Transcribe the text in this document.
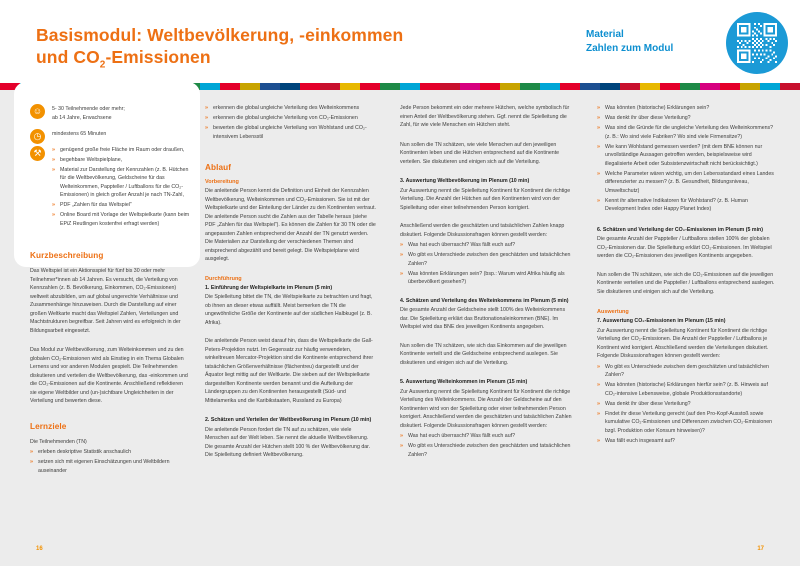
Basismodul: Weltbevölkerung, -einkommen
und $CO_2$-Emissionen
Material
Zahlen zum Modul
☺	5- 30 Teilnehmende oder mehr;
ab 14 Jahre, Erwachsene

◷	mindestens 65 Minuten

⚒	» genügend große freie Fläche im Raum oder draußen,
» begehbare Weltspielplane,
» Material zur Darstellung der Kennzahlen (z. B. Hütchen für die Weltbevölkerung, Geldscheine für das Welteinkommen, Pappteller / Luftballons für die CO₂-Emissionen) in gleich großer Anzahl je nach TN-Zahl,
» PDF „Zahlen für das Weltspiel“
» Online Board mit Vorlage der Weltspielkarte (kann beim EPiZ Reutlingen kostenfrei erfragt werden)
Kurzbeschreibung

Das Weltspiel ist ein Aktionsspiel für fünf bis 30 oder mehr Teilnehmer*innen ab 14 Jahren. Es versucht, die Verteilung von Kennzahlen (z. B. Bevölkerung, Einkommen, CO₂-Emissionen) weltweit abzubilden, um auf global ungerechte Verhältnisse und Zusammenhänge hinzuweisen. Durch die Darstellung auf einer großen Weltkarte macht das Weltspiel Zahlen, Verteilungen und Machtstrukturen begreifbar. Seit Jahren wird es erfolgreich in der Bildungsarbeit eingesetzt.

Das Modul zur Weltbevölkerung, zum Welteinkommen und zu den globalen CO₂-Emissionen wird als Einstieg in ein Thema Globalen Lernens und vor anderen Modulen gespielt. Die Teilnehmenden diskutieren und verteilen die Weltbevölkerung, das -einkommen und die CO₂-Emissionen auf die Kontinente. Anschließend reflektieren sie eigene Weltbilder und (un-)sichtbare Ungleichheiten in der Verteilung und bewerten diese.

Lernziele

Die Teilnehmenden (TN)

» erleben deskriptive Statistik anschaulich
» setzen sich mit eigenen Einschätzungen und Weltbildern auseinander
» erkennen die global ungleiche Verteilung des Welteinkommens
» erkennen die global ungleiche Verteilung von CO₂-Emissionen
» bewerten die global ungleiche Verteilung von Wohlstand und CO₂-intensivem Lebensstil
Ablauf
Vorbereitung

Die anleitende Person kennt die Definition und Einheit der Kennzahlen Weltbevölkerung, Welteinkommen und CO₂-Emissionen. Sie ist mit der Weltspielkarte und der Einteilung der Länder zu den Kontinenten vertraut. Die anleitende Person sucht die Zahlen aus der Tabelle heraus (siehe PDF „Zahlen für das Weltspiel“). Es können die Zahlen für 30 TN oder die angepassten Zahlen entsprechend der Anzahl der TN genutzt werden. Die Materialien zur Darstellung der verschiedenen Themen sind entsprechend abgezählt und bereit gelegt. Die Weltspielplane wird ausgelegt.

Durchführung

1. Einführung der Weltspielkarte im Plenum (5 min)

Die Spielleitung bittet die TN, die Weltspielkarte zu betrachten und fragt, ob ihnen an dieser etwas auffällt. Meist bemerken die TN die ungewöhnliche Größe der Kontinente auf der südlichen Halbkugel (z. B. Afrika).

Die anleitende Person weist darauf hin, dass die Weltspielkarte die Gall-Peters-Projektion nutzt. Im Gegensatz zur häufig verwendeten, winkeltreuen Mercator-Projektion sind die Kontinente entsprechend ihrer tatsächlichen Größenverhältnisse (flächentreu) dargestellt und der Äquator liegt mittig auf der Weltkarte. Die sieben auf der Weltspielkarte dargestellten Kontinente werden benannt und die Aufteilung der Ländergruppen zu den Kontinenten herausgestellt (Süd- und Mittelamerika und die Karibikstaaten, Russland zu Europa)

2. Schätzen und Verteilen der Weltbevölkerung im Plenum (10 min)

Die anleitende Person fordert die TN auf zu schätzen, wie viele Menschen auf der Welt leben. Sie nennt die aktuelle Weltbevölkerung. Die gesamte Anzahl der Hütchen stellt 100 % der Weltbevölkerung dar. Die Spielleitung definiert Weltbevölkerung.

Jede Person bekommt ein oder mehrere Hütchen, welche symbolisch für einen Anteil der Weltbevölkerung stehen. Ggf. nennt die Spielleitung die Zahl, für wie viele Menschen ein Hütchen steht.

Nun sollen die TN schätzen, wie viele Menschen auf den jeweiligen Kontinenten leben und die Hütchen entsprechend auf die Kontinente verteilen. Sie diskutieren und einigen sich auf die Verteilung.

3. Auswertung Weltbevölkerung im Plenum (10 min)

Zur Auswertung nennt die Spielleitung Kontinent für Kontinent die richtige Verteilung. Die Anzahl der Hütchen auf den Kontinenten wird von der Spielleitung oder einer teilnehmenden Person korrigiert.

Anschließend werden die geschätzten und tatsächlichen Zahlen knapp diskutiert. Folgende Diskussionsfragen können gestellt werden:

» Was hat euch überrascht? Was fällt euch auf?
» Wo gibt es Unterschiede zwischen den geschätzten und tatsächlichen Zahlen?
» Was könnten Erklärungen sein? (bsp.: Warum wird Afrika häufig als überbevölkert gesehen?)

4. Schätzen und Verteilung des Welteinkommens im Plenum (5 min)

Die gesamte Anzahl der Geldscheine stellt 100% des Welteinkommens dar. Die Spielleitung erklärt das Bruttonationaleinkommen (BNE). Im Weltspiel wird das BNE des jeweiligen Kontinents angegeben.

Nun sollen die TN schätzen, wie sich das Einkommen auf die jeweiligen Kontinente verteilt und die Geldscheine entsprechend auslegen. Sie diskutieren und einigen sich auf die Verteilung.

5. Auswertung Welteinkommen im Plenum (15 min)

Zur Auswertung nennt die Spielleitung Kontinent für Kontinent die richtige Verteilung des Welteinkommens. Die Anzahl der Geldscheine auf den Kontinenten wird von der Spielleitung oder einer teilnehmenden Person korrigiert. Anschließend werden die geschätzten und tatsächlichen Zahlen diskutiert. Folgende Diskussionsfragen können gestellt werden:

» Was hat euch überrascht? Was fällt euch auf?
» Wo gibt es Unterschiede zwischen den geschätzten und tatsächlichen Zahlen?
» Was könnten (historische) Erklärungen sein?
» Was denkt ihr über diese Verteilung?
» Was sind die Gründe für die ungleiche Verteilung des Welteinkommens? (z. B.: Wo sind viele Fabriken? Wo sind viele Firmensitze?)
» Wie kann Wohlstand gemessen werden? (mit dem BNE können nur unvollständige Aussagen getroffen werden, beispielsweise wird illegalisierte Arbeit oder Subsistenzwirtschaft nicht berücksichtigt.)
» Welche Parameter wären wichtig, um den Lebensstandard eines Landes differenzierter zu messen? (z. B. Gesundheit, Bildungsniveau, Umweltschutz)
» Kennt ihr alternative Indikatoren für Wohlstand? (z. B. Human Development Index oder Happy Planet Index)

6. Schätzen und Verteilung der CO₂-Emissionen im Plenum (5 min)

Die gesamte Anzahl der Pappteller / Luftballons stellen 100% der globalen CO₂-Emissionen dar. Die Spielleitung erklärt CO₂-Emissionen. Im Weltspiel werden die CO₂-Emissionen des jeweiligen Kontinents angegeben.

Nun sollen die TN schätzen, wie sich die CO₂-Emissionen auf die jeweiligen Kontinente verteilen und die Pappteller / Luftballons entsprechend auslegen. Sie diskutieren und einigen sich auf die Verteilung.

Auswertung

7. Auswertung CO₂-Emissionen im Plenum (15 min)

Zur Auswertung nennt die Spielleitung Kontinent für Kontinent die richtige Verteilung der CO₂-Emissionen. Die Anzahl der Pappteller / Luftballons je Kontinent wird korrigiert. Abschließend werden die Verteilungen diskutiert. Folgende Diskussionsfragen können gestellt werden:

» Wo gibt es Unterschiede zwischen dem geschätzten und tatsächlichen Zahlen?
» Was könnten (historische) Erklärungen hierfür sein? (z. B. Hinweis auf CO₂-intensive Lebensweise, globale Produktionsstandorte)
» Was denkt ihr über diese Verteilung?
» Findet ihr diese Verteilung gerecht (auf den Pro-Kopf-Ausstoß sowie kumulative CO₂-Emissionen und Differenzen zwischen CO₂-Emissionen bzgl. Produktion oder Konsum hinweisen)?
» Was fällt euch insgesamt auf?
16	17
